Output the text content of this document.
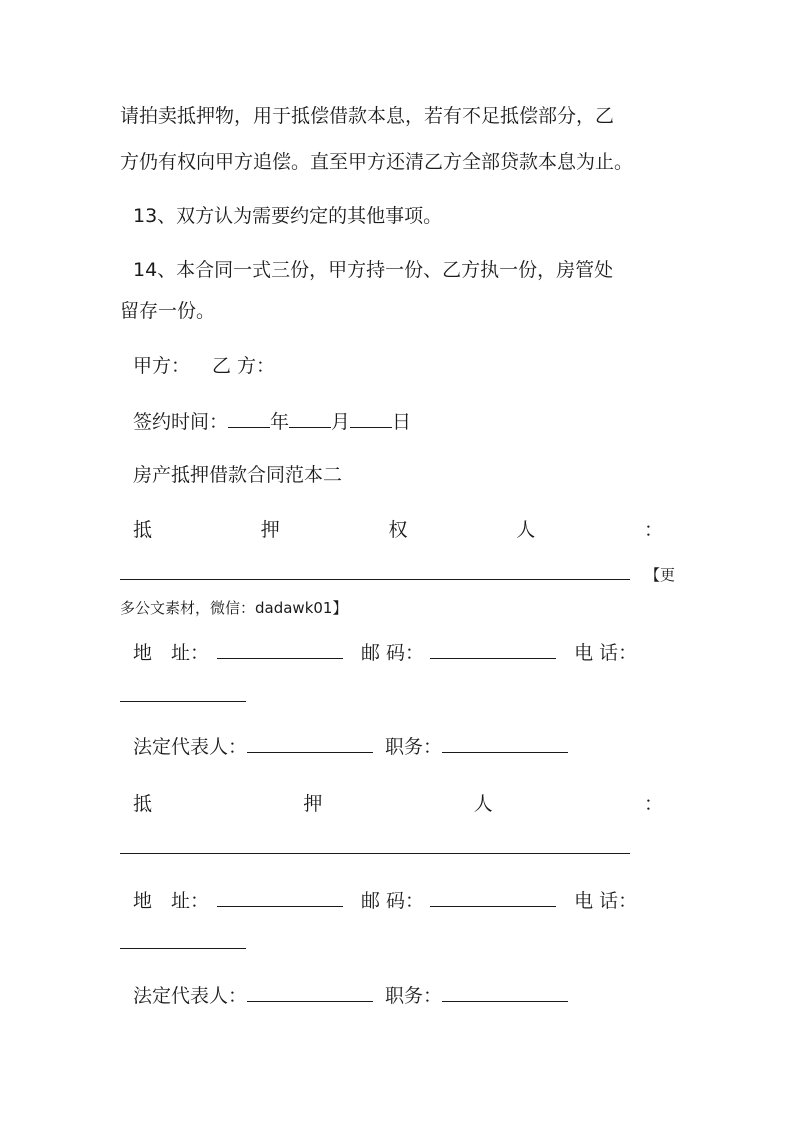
请拍卖抵押物，用于抵偿借款本息，若有不足抵偿部分，乙
方仍有权向甲方追偿。直至甲方还清乙方全部贷款本息为止。
13、双方认为需要约定的其他事项。
14、本合同一式三份，甲方持一份、乙方执一份，房管处
留存一份。
甲方： 乙 方：
签约时间： 年 月 日
房产抵押借款合同范本二
抵	押	权	人	：
【更
多公文素材，微信：dadawk01】
地　址：	邮 码：	电 话：
法定代表人：	职务：
抵	押	人	：
地　址：	邮 码：	电 话：
法定代表人：	职务：
